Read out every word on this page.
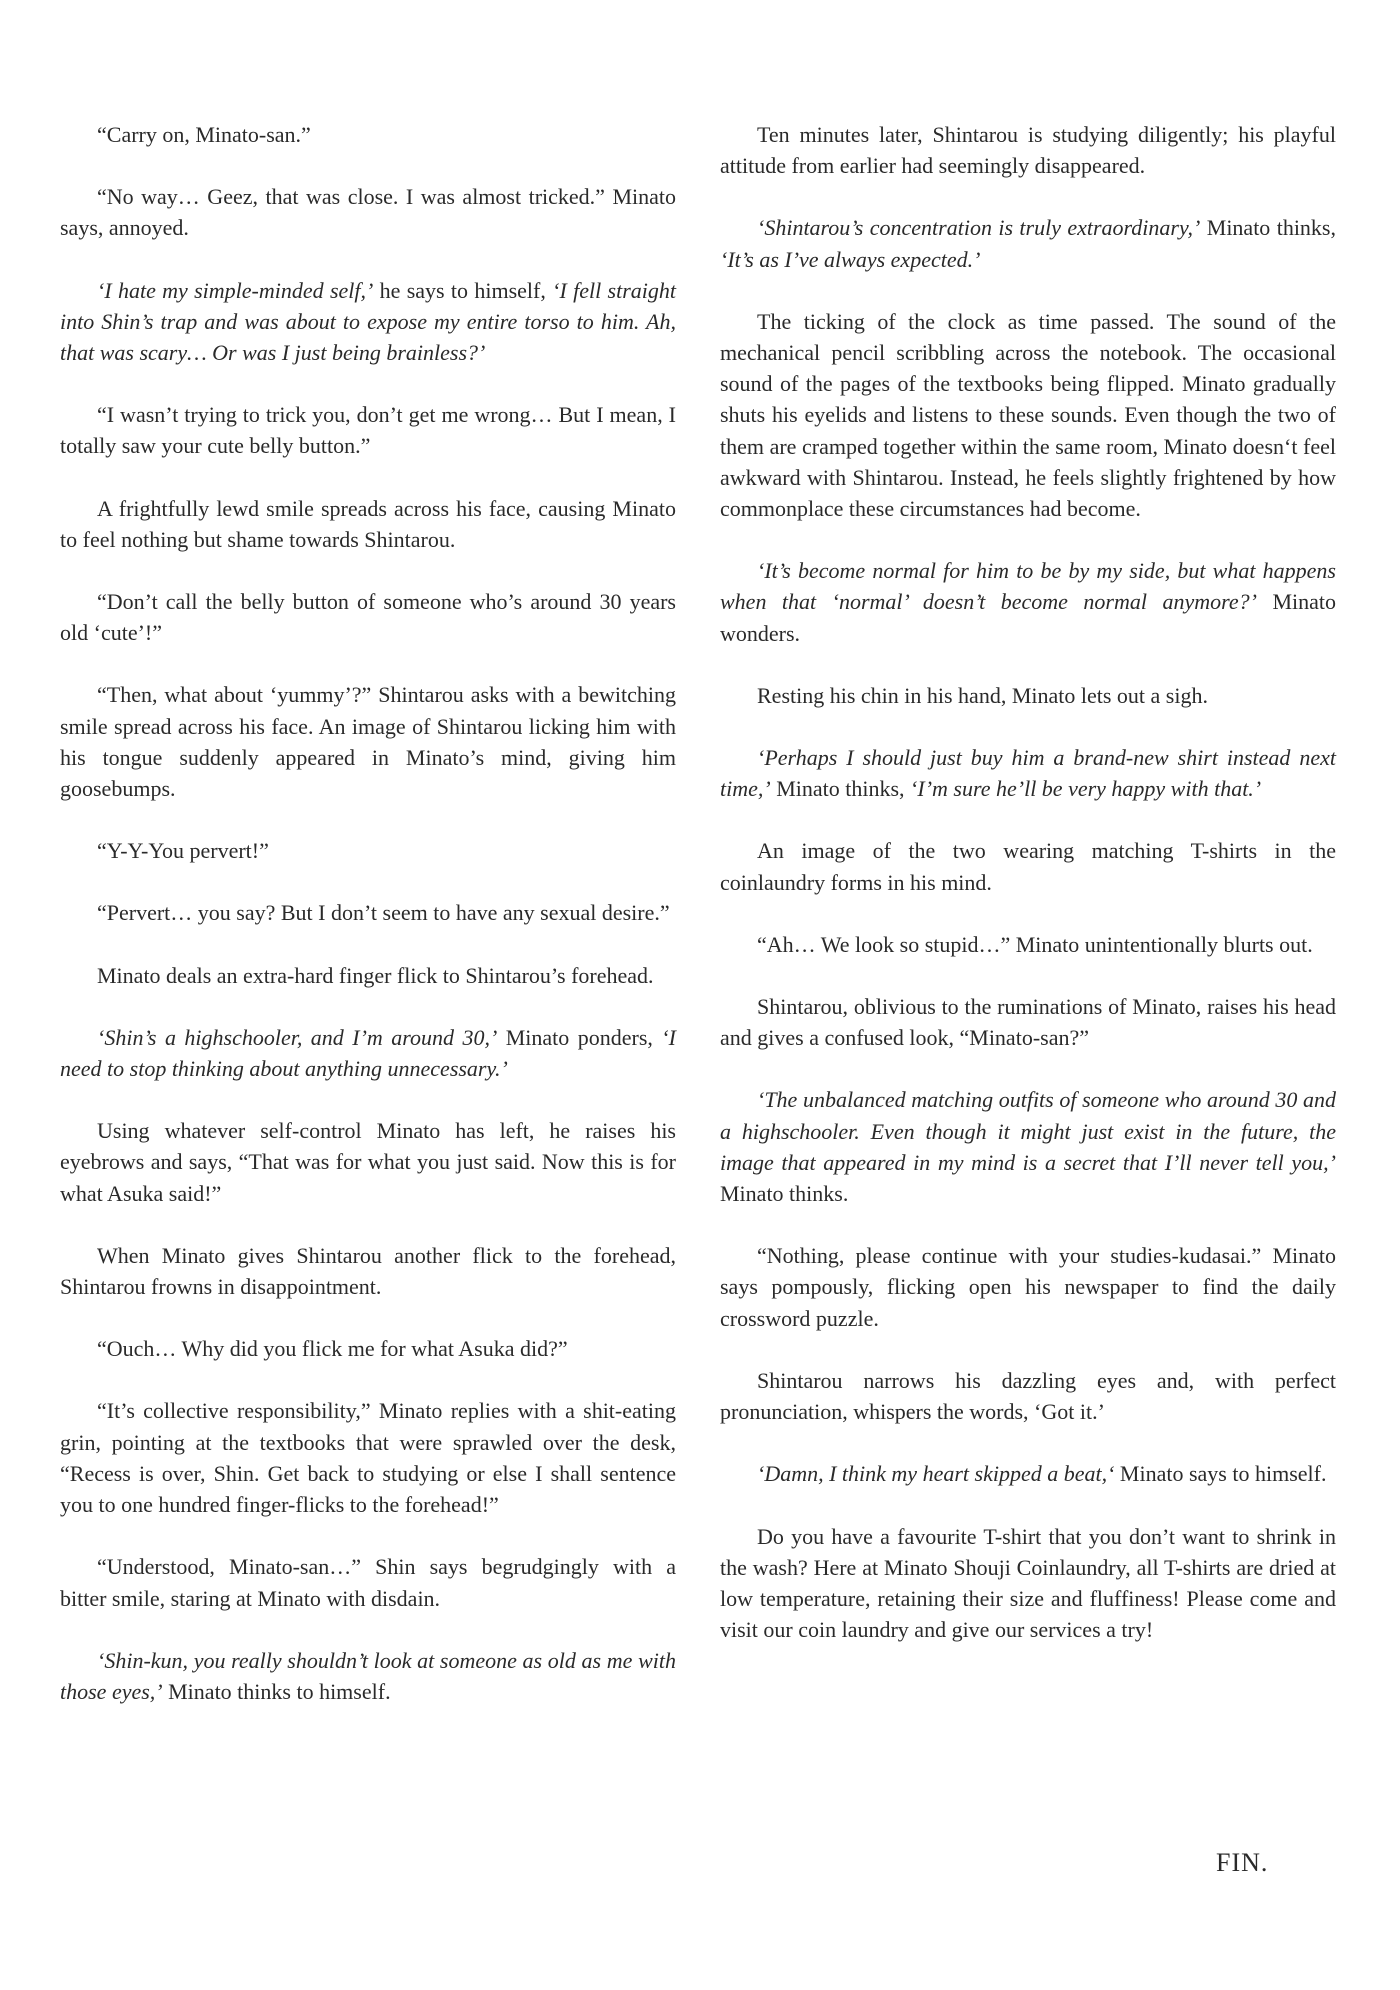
“Carry on, Minato-san.”

“No way… Geez, that was close. I was almost tricked.” Minato says, annoyed.

‘I hate my simple-minded self,’ he says to himself, ‘I fell straight into Shin’s trap and was about to expose my entire torso to him. Ah, that was scary… Or was I just being brainless?’

“I wasn’t trying to trick you, don’t get me wrong… But I mean, I totally saw your cute belly button.”

A frightfully lewd smile spreads across his face, causing Minato to feel nothing but shame towards Shintarou.

“Don’t call the belly button of someone who’s around 30 years old ‘cute’!”

“Then, what about ‘yummy’?” Shintarou asks with a bewitching smile spread across his face. An image of Shintarou licking him with his tongue suddenly appeared in Minato’s mind, giving him goosebumps.

“Y-Y-You pervert!”

“Pervert… you say? But I don’t seem to have any sexual desire.”

Minato deals an extra-hard finger flick to Shintarou’s forehead.

‘Shin’s a highschooler, and I’m around 30,’ Minato ponders, ‘I need to stop thinking about anything unnecessary.’

Using whatever self-control Minato has left, he raises his eyebrows and says, “That was for what you just said. Now this is for what Asuka said!”

When Minato gives Shintarou another flick to the forehead, Shintarou frowns in disappointment.

“Ouch… Why did you flick me for what Asuka did?”

“It’s collective responsibility,” Minato replies with a shit-eating grin, pointing at the textbooks that were sprawled over the desk, “Recess is over, Shin. Get back to studying or else I shall sentence you to one hundred finger-flicks to the forehead!”

“Understood, Minato-san…” Shin says begrudgingly with a bitter smile, staring at Minato with disdain.

‘Shin-kun, you really shouldn’t look at someone as old as me with those eyes,’ Minato thinks to himself.

Ten minutes later, Shintarou is studying diligently; his playful attitude from earlier had seemingly disappeared.

‘Shintarou’s concentration is truly extraordinary,’ Minato thinks, ‘It’s as I’ve always expected.’

The ticking of the clock as time passed. The sound of the mechanical pencil scribbling across the notebook. The occasional sound of the pages of the textbooks being flipped. Minato gradually shuts his eyelids and listens to these sounds. Even though the two of them are cramped together within the same room, Minato doesn‘t feel awkward with Shintarou. Instead, he feels slightly frightened by how commonplace these circumstances had become.

‘It’s become normal for him to be by my side, but what happens when that ‘normal’ doesn’t become normal anymore?’ Minato wonders.

Resting his chin in his hand, Minato lets out a sigh.

‘Perhaps I should just buy him a brand-new shirt instead next time,’ Minato thinks, ‘I’m sure he’ll be very happy with that.’

An image of the two wearing matching T-shirts in the coinlaundry forms in his mind.

“Ah… We look so stupid…” Minato unintentionally blurts out.

Shintarou, oblivious to the ruminations of Minato, raises his head and gives a confused look, “Minato-san?”

‘The unbalanced matching outfits of someone who around 30 and a highschooler. Even though it might just exist in the future, the image that appeared in my mind is a secret that I’ll never tell you,’ Minato thinks.

“Nothing, please continue with your studies-kudasai.” Minato says pompously, flicking open his newspaper to find the daily crossword puzzle.

Shintarou narrows his dazzling eyes and, with perfect pronunciation, whispers the words, ‘Got it.’

‘Damn, I think my heart skipped a beat,‘ Minato says to himself.

Do you have a favourite T-shirt that you don’t want to shrink in the wash? Here at Minato Shouji Coinlaundry, all T-shirts are dried at low temperature, retaining their size and fluffiness! Please come and visit our coin laundry and give our services a try!

FIN.
